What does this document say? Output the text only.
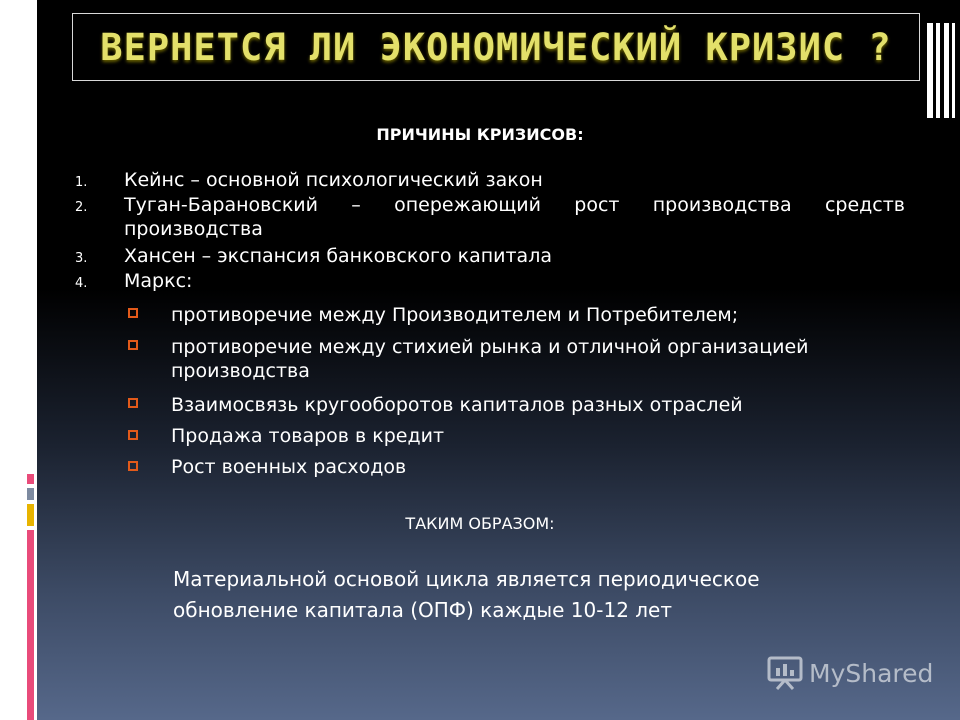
ВЕРНЕТСЯ ЛИ ЭКОНОМИЧЕСКИЙ КРИЗИС ?
ПРИЧИНЫ КРИЗИСОВ:
1. Кейнс – основной психологический закон
2. Туган-Барановский – опережающий рост производства средств производства
3. Хансен – экспансия банковского капитала
4. Маркс:
противоречие между Производителем и Потребителем;
противоречие между стихией рынка и отличной организацией производства
Взаимосвязь кругооборотов капиталов разных отраслей
Продажа товаров в кредит
Рост военных расходов
ТАКИМ ОБРАЗОМ:
Материальной основой цикла является периодическое
обновление капитала (ОПФ) каждые 10-12 лет
MyShared
